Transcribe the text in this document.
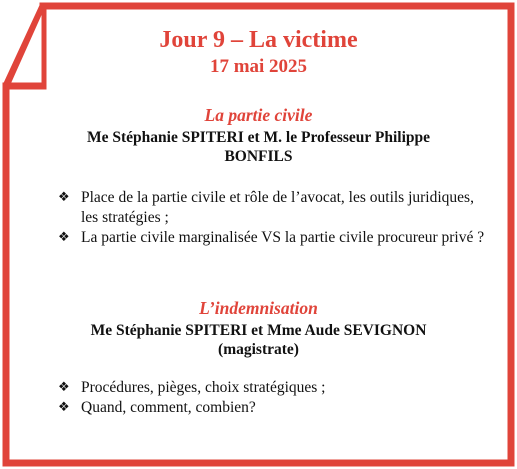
Jour 9 – La victime
17 mai 2025
La partie civile
Me Stéphanie SPITERI et M. le Professeur Philippe
BONFILS
❖ Place de la partie civile et rôle de l’avocat, les outils juridiques, les stratégies ;
❖ La partie civile marginalisée VS la partie civile procureur privé ?
L’indemnisation
Me Stéphanie SPITERI et Mme Aude SEVIGNON
(magistrate)
❖ Procédures, pièges, choix stratégiques ;
❖ Quand, comment, combien?
